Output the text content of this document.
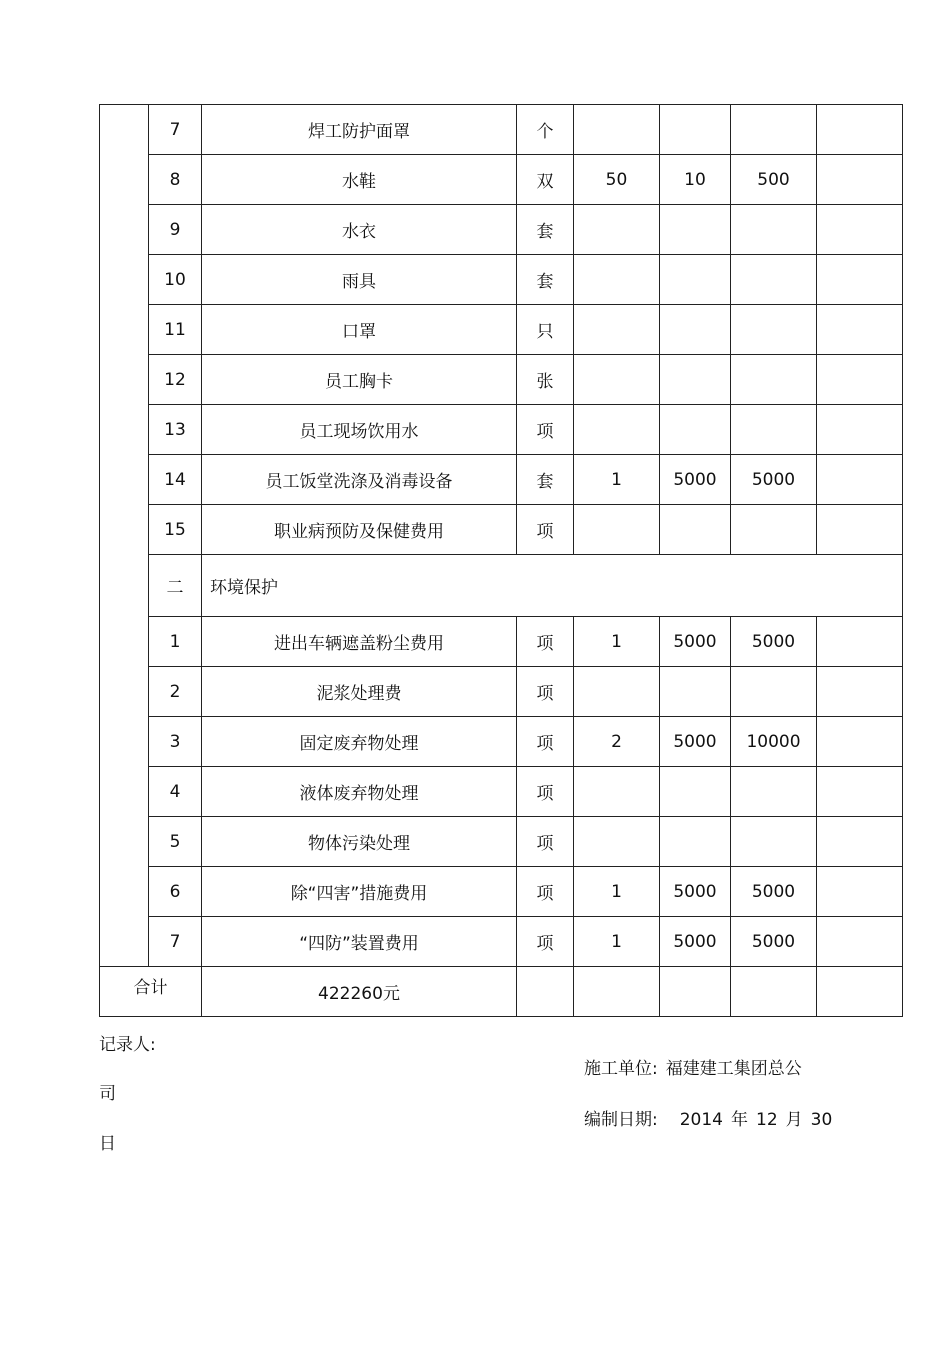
	7	焊工防护面罩	个				
	8	水鞋	双	50	10	500	
	9	水衣	套				
	10	雨具	套				
	11	口罩	只				
	12	员工胸卡	张				
	13	员工现场饮用水	项				
	14	员工饭堂洗涤及消毒设备	套	1	5000	5000	
	15	职业病预防及保健费用	项				
	二	环境保护					
	1	进出车辆遮盖粉尘费用	项	1	5000	5000	
	2	泥浆处理费	项				
	3	固定废弃物处理	项	2	5000	10000	
	4	液体废弃物处理	项				
	5	物体污染处理	项				
	6	除“四害”措施费用	项	1	5000	5000	
	7	“四防”装置费用	项	1	5000	5000	
合计		422260元					
记录人:
施工单位: 福建建工集团总公
司
编制日期: 2014 年 12 月 30
日
